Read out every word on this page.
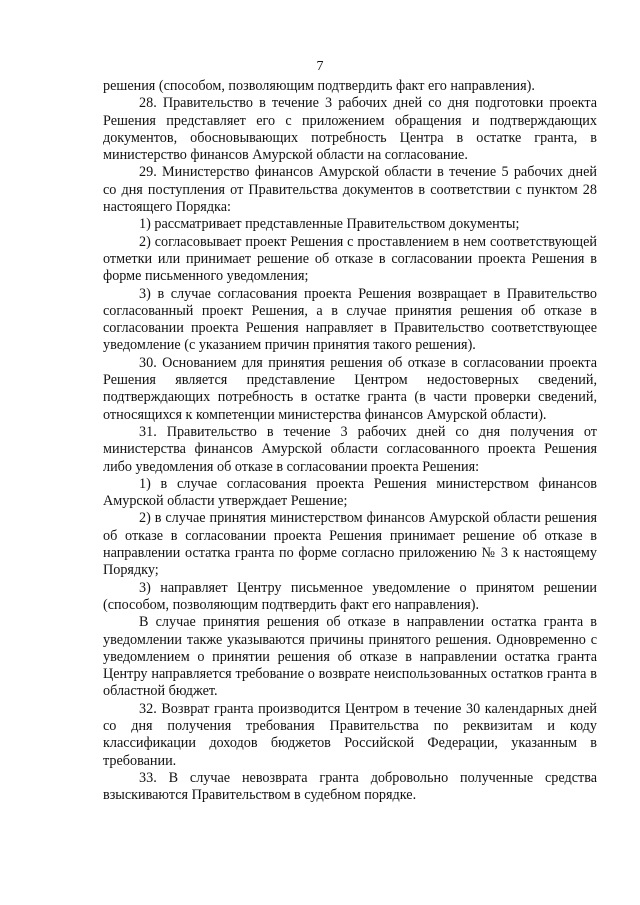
7

решения (способом, позволяющим подтвердить факт его направления).

28. Правительство в течение 3 рабочих дней со дня подготовки проекта Решения представляет его с приложением обращения и подтверждающих документов, обосновывающих потребность Центра в остатке гранта, в министерство финансов Амурской области на согласование.

29. Министерство финансов Амурской области в течение 5 рабочих дней со дня поступления от Правительства документов в соответствии с пунктом 28 настоящего Порядка:

1) рассматривает представленные Правительством документы;

2) согласовывает проект Решения с проставлением в нем соответствующей отметки или принимает решение об отказе в согласовании проекта Решения в форме письменного уведомления;

3) в случае согласования проекта Решения возвращает в Правительство согласованный проект Решения, а в случае принятия решения об отказе в согласовании проекта Решения направляет в Правительство соответствующее уведомление (с указанием причин принятия такого решения).

30. Основанием для принятия решения об отказе в согласовании проекта Решения является представление Центром недостоверных сведений, подтверждающих потребность в остатке гранта (в части проверки сведений, относящихся к компетенции министерства финансов Амурской области).

31. Правительство в течение 3 рабочих дней со дня получения от министерства финансов Амурской области согласованного проекта Решения либо уведомления об отказе в согласовании проекта Решения:

1) в случае согласования проекта Решения министерством финансов Амурской области утверждает Решение;

2) в случае принятия министерством финансов Амурской области решения об отказе в согласовании проекта Решения принимает решение об отказе в направлении остатка гранта по форме согласно приложению № 3 к настоящему Порядку;

3) направляет Центру письменное уведомление о принятом решении (способом, позволяющим подтвердить факт его направления).

В случае принятия решения об отказе в направлении остатка гранта в уведомлении также указываются причины принятого решения. Одновременно с уведомлением о принятии решения об отказе в направлении остатка гранта Центру направляется требование о возврате неиспользованных остатков гранта в областной бюджет.

32. Возврат гранта производится Центром в течение 30 календарных дней со дня получения требования Правительства по реквизитам и коду классификации доходов бюджетов Российской Федерации, указанным в требовании.

33. В случае невозврата гранта добровольно полученные средства взыскиваются Правительством в судебном порядке.
